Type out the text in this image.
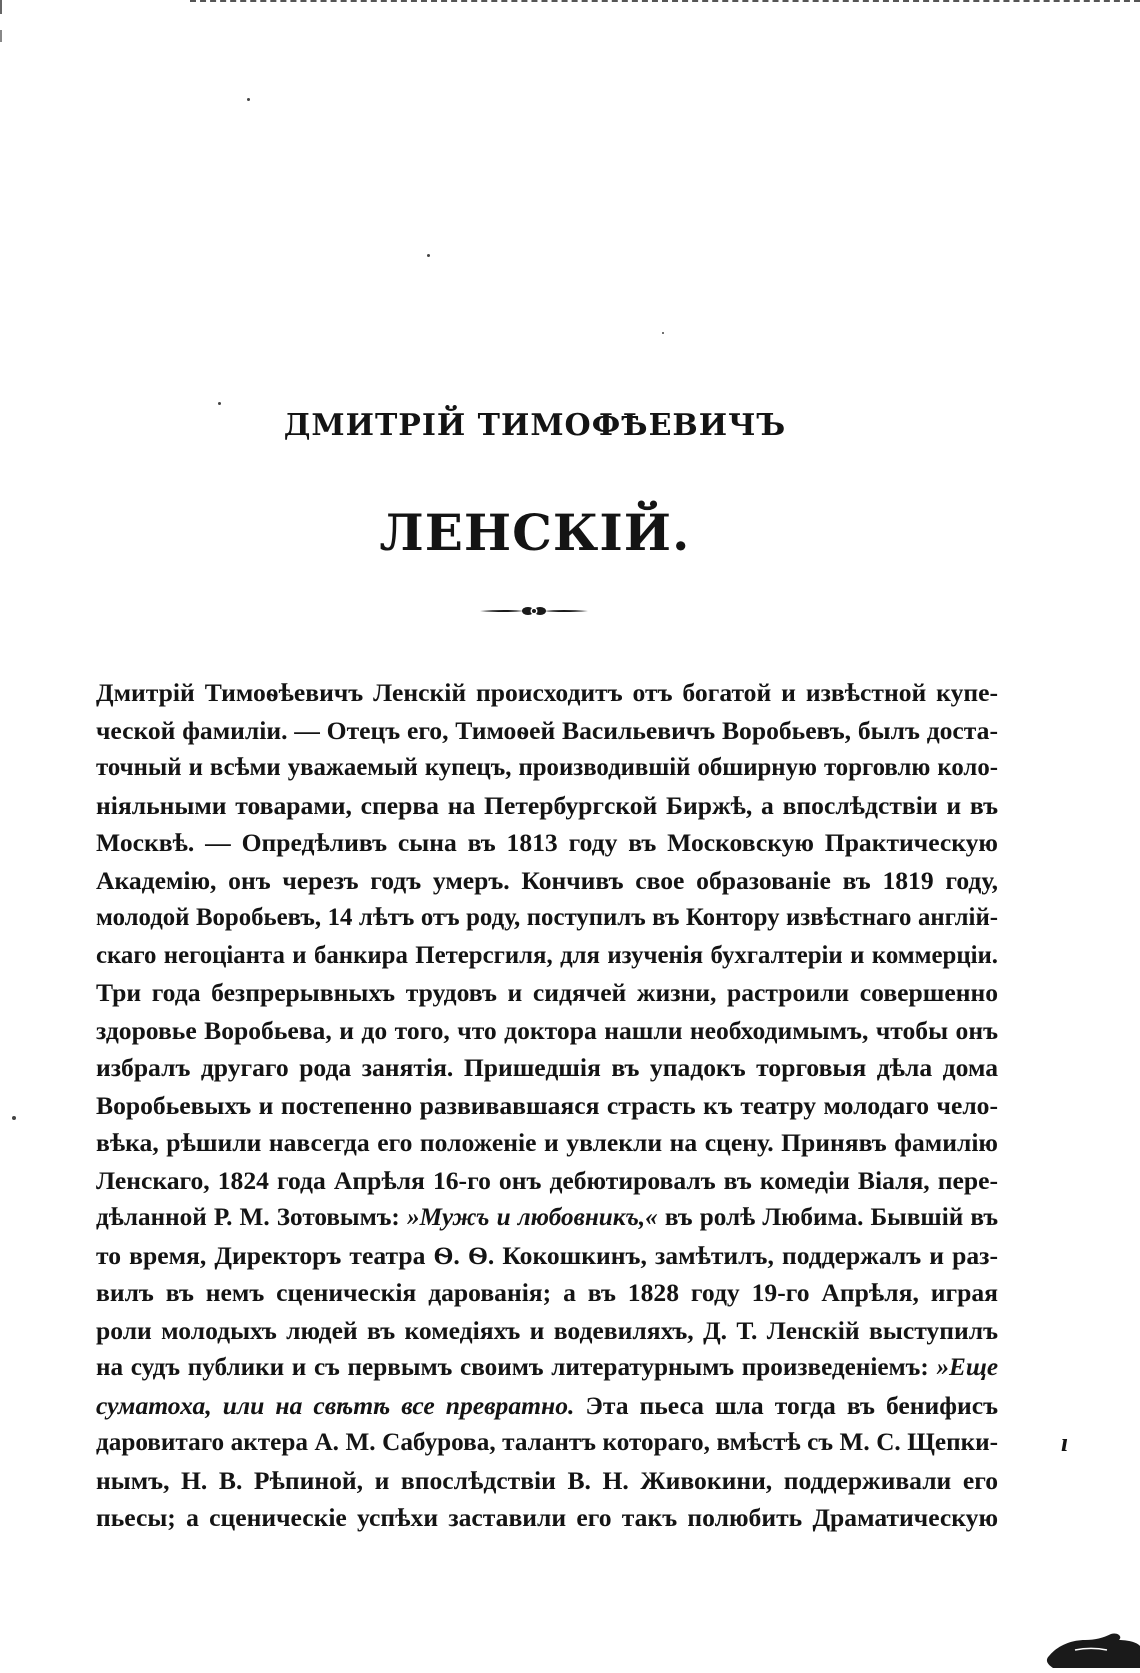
ДМИТРІЙ ТИМОФѢЕВИЧЪ
ЛЕНСКІЙ.
Дмитрій Тимоѳѣевичъ Ленскій происходитъ отъ богатой и извѣстной купе-
ческой фамиліи. — Отецъ его, Тимоѳей Васильевичъ Воробьевъ, былъ доста-
точный и всѣми уважаемый купецъ, производившій обширную торговлю коло-
ніяльными товарами, сперва на Петербургской Биржѣ, а впослѣдствіи и въ
Москвѣ. — Опредѣливъ сына въ 1813 году въ Московскую Практическую
Академію, онъ черезъ годъ умеръ. Кончивъ свое образованіе въ 1819 году,
молодой Воробьевъ, 14 лѣтъ отъ роду, поступилъ въ Контору извѣстнаго англій-
скаго негоціанта и банкира Петерсгиля, для изученія бухгалтеріи и коммерціи.
Три года безпрерывныхъ трудовъ и сидячей жизни, растроили совершенно
здоровье Воробьева, и до того, что доктора нашли необходимымъ, чтобы онъ
избралъ другаго рода занятія. Пришедшія въ упадокъ торговыя дѣла дома
Воробьевыхъ и постепенно развивавшаяся страсть къ театру молодаго чело-
вѣка, рѣшили навсегда его положеніе и увлекли на сцену. Принявъ фамилію
Ленскаго, 1824 года Апрѣля 16-го онъ дебютировалъ въ комедіи Віаля, пере-
дѣланной Р. М. Зотовымъ: »Мужъ и любовникъ,« въ ролѣ Любима. Бывшій въ
то время, Директоръ театра Ѳ. Ѳ. Кокошкинъ, замѣтилъ, поддержалъ и раз-
вилъ въ немъ сценическія дарованія; а въ 1828 году 19-го Апрѣля, играя
роли молодыхъ людей въ комедіяхъ и водевиляхъ, Д. Т. Ленскій выступилъ
на судъ публики и съ первымъ своимъ литературнымъ произведеніемъ: »Еще
суматоха, или на свѣтѣ все превратно. Эта пьеса шла тогда въ бенифисъ
даровитаго актера А. М. Сабурова, талантъ котораго, вмѣстѣ съ М. С. Щепки-
нымъ, Н. В. Рѣпиной, и впослѣдствіи В. Н. Живокини, поддерживали его
пьесы; а сценическіе успѣхи заставили его такъ полюбить Драматическую
ı
